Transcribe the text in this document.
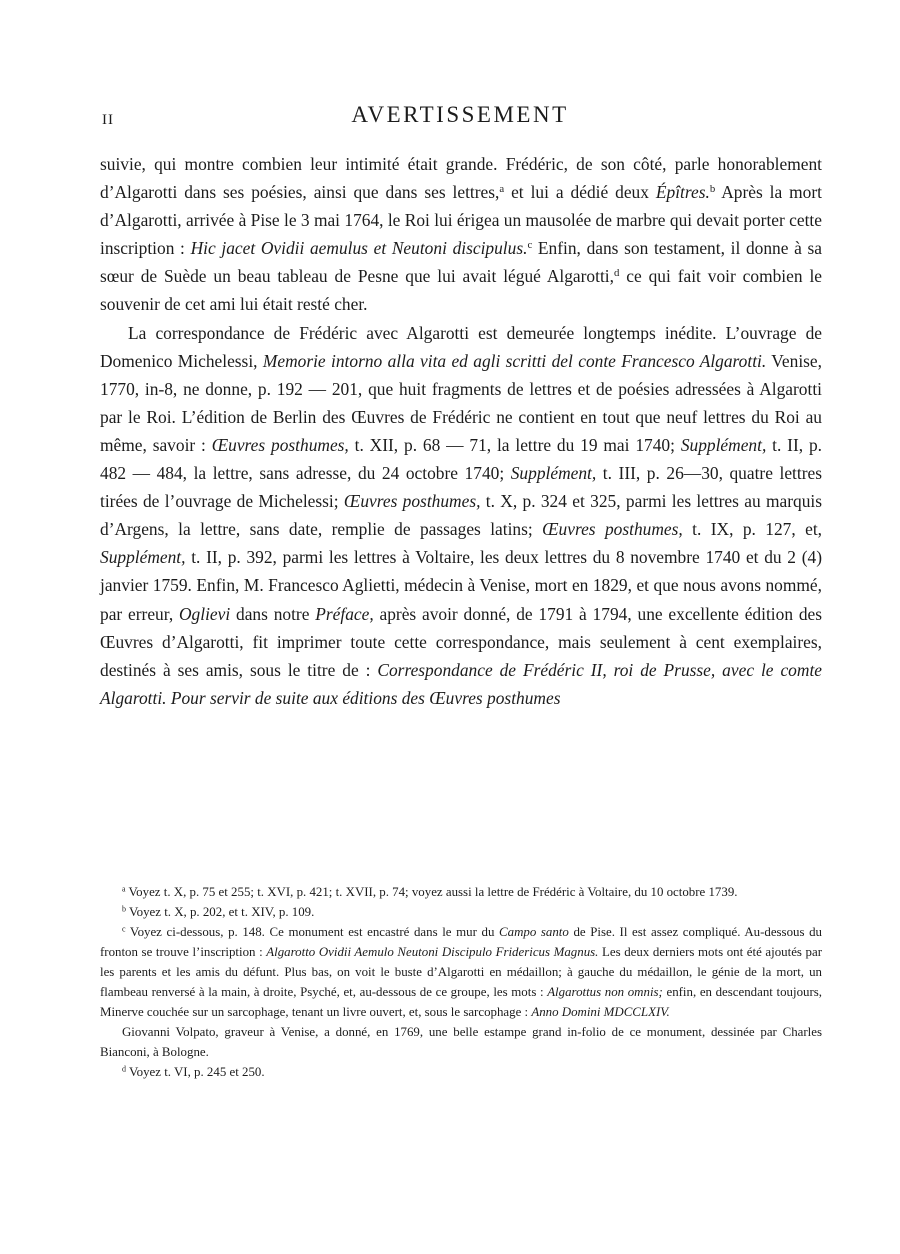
II	AVERTISSEMENT

suivie, qui montre combien leur intimité était grande. Frédéric, de son côté, parle honorablement d’Algarotti dans ses poésies, ainsi que dans ses lettres,$^a$ et lui a dédié deux Épîtres.$^b$ Après la mort d’Algarotti, arrivée à Pise le 3 mai 1764, le Roi lui érigea un mausolée de marbre qui devait porter cette inscription : Hic jacet Ovidii aemulus et Neutoni discipulus.$^c$ Enfin, dans son testament, il donne à sa sœur de Suède un beau tableau de Pesne que lui avait légué Algarotti,$^d$ ce qui fait voir combien le souvenir de cet ami lui était resté cher.

La correspondance de Frédéric avec Algarotti est demeurée longtemps inédite. L’ouvrage de Domenico Michelessi, Memorie intorno alla vita ed agli scritti del conte Francesco Algarotti. Venise, 1770, in-8, ne donne, p. 192 — 201, que huit fragments de lettres et de poésies adressées à Algarotti par le Roi. L’édition de Berlin des Œuvres de Frédéric ne contient en tout que neuf lettres du Roi au même, savoir : Œuvres posthumes, t. XII, p. 68 — 71, la lettre du 19 mai 1740; Supplément, t. II, p. 482 — 484, la lettre, sans adresse, du 24 octobre 1740; Supplément, t. III, p. 26—30, quatre lettres tirées de l’ouvrage de Michelessi; Œuvres posthumes, t. X, p. 324 et 325, parmi les lettres au marquis d’Argens, la lettre, sans date, remplie de passages latins; Œuvres posthumes, t. IX, p. 127, et, Supplément, t. II, p. 392, parmi les lettres à Voltaire, les deux lettres du 8 novembre 1740 et du 2 (4) janvier 1759. Enfin, M. Francesco Aglietti, médecin à Venise, mort en 1829, et que nous avons nommé, par erreur, Oglievi dans notre Préface, après avoir donné, de 1791 à 1794, une excellente édition des Œuvres d’Algarotti, fit imprimer toute cette correspondance, mais seulement à cent exemplaires, destinés à ses amis, sous le titre de : Correspondance de Frédéric II, roi de Prusse, avec le comte Algarotti. Pour servir de suite aux éditions des Œuvres posthumes

$^a$ Voyez t. X, p. 75 et 255; t. XVI, p. 421; t. XVII, p. 74; voyez aussi la lettre de Frédéric à Voltaire, du 10 octobre 1739.

$^b$ Voyez t. X, p. 202, et t. XIV, p. 109.

$^c$ Voyez ci-dessous, p. 148. Ce monument est encastré dans le mur du Campo santo de Pise. Il est assez compliqué. Au-dessous du fronton se trouve l’inscription : Algarotto Ovidii Aemulo Neutoni Discipulo Fridericus Magnus. Les deux derniers mots ont été ajoutés par les parents et les amis du défunt. Plus bas, on voit le buste d’Algarotti en médaillon; à gauche du médaillon, le génie de la mort, un flambeau renversé à la main, à droite, Psyché, et, au-dessous de ce groupe, les mots : Algarottus non omnis; enfin, en descendant toujours, Minerve couchée sur un sarcophage, tenant un livre ouvert, et, sous le sarcophage : Anno Domini MDCCLXIV.

Giovanni Volpato, graveur à Venise, a donné, en 1769, une belle estampe grand in-folio de ce monument, dessinée par Charles Bianconi, à Bologne.

$^d$ Voyez t. VI, p. 245 et 250.
